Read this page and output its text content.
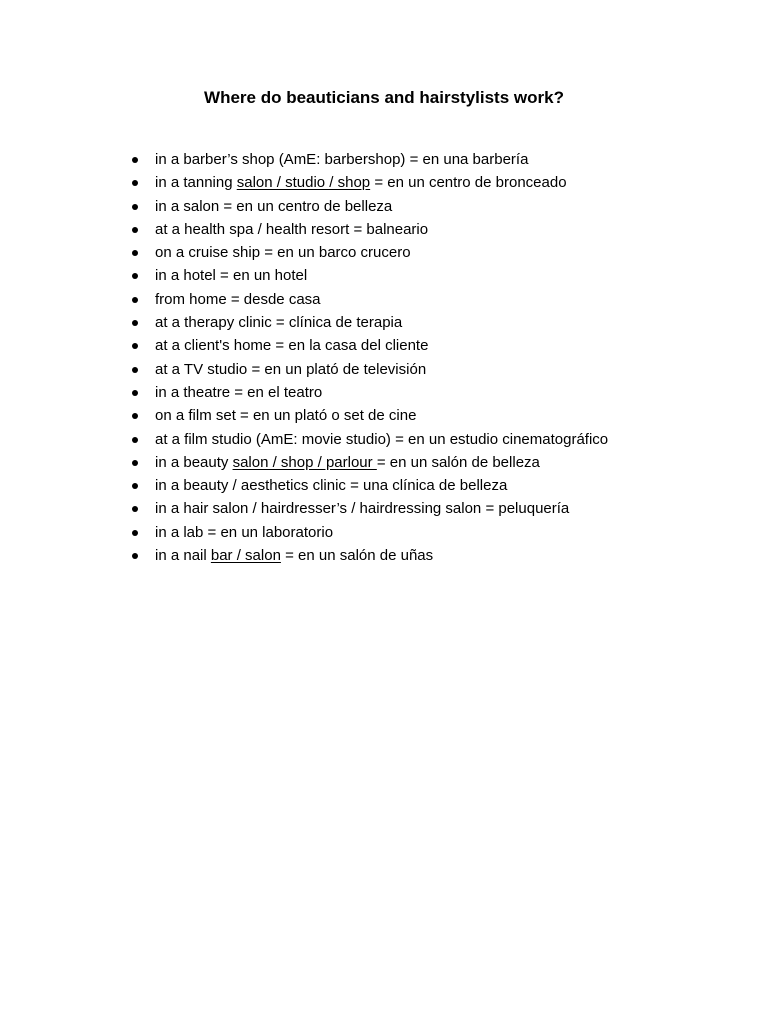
Where do beauticians and hairstylists work?
in a barber’s shop (AmE: barbershop) = en una barbería
in a tanning salon / studio / shop = en un centro de bronceado
in a salon = en un centro de belleza
at a health spa / health resort = balneario
on a cruise ship = en un barco crucero
in a hotel = en un hotel
from home = desde casa
at a therapy clinic = clínica de terapia
at a client's home = en la casa del cliente
at a TV studio = en un plató de televisión
in a theatre = en el teatro
on a film set = en un plató o set de cine
at a film studio (AmE: movie studio) = en un estudio cinematográfico
in a beauty salon / shop / parlour = en un salón de belleza
in a beauty / aesthetics clinic = una clínica de belleza
in a hair salon / hairdresser’s / hairdressing salon = peluquería
in a lab = en un laboratorio
in a nail bar / salon = en un salón de uñas
